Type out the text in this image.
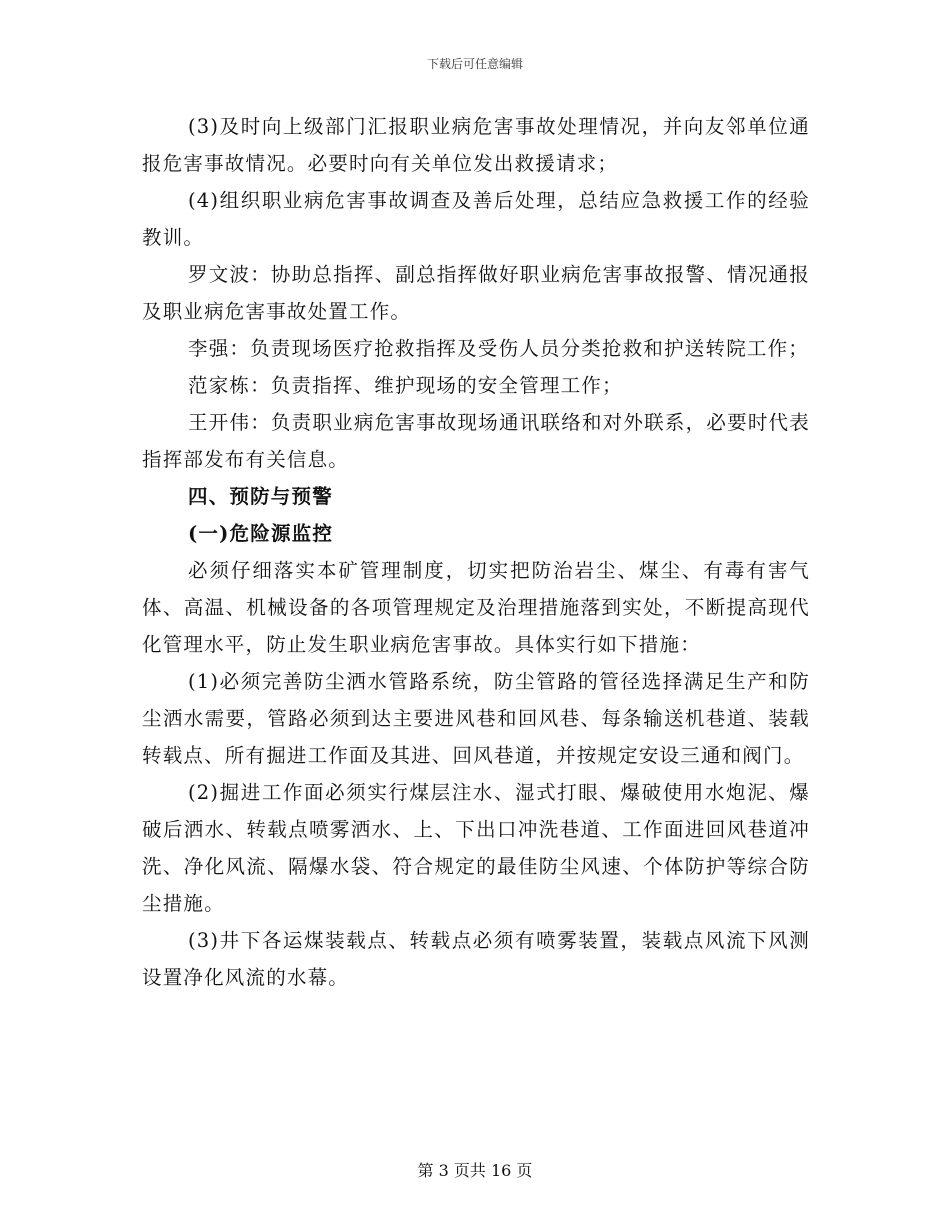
下载后可任意编辑

(3)及时向上级部门汇报职业病危害事故处理情况，并向友邻单位通报危害事故情况。必要时向有关单位发出救援请求；

(4)组织职业病危害事故调查及善后处理，总结应急救援工作的经验教训。

罗文波：协助总指挥、副总指挥做好职业病危害事故报警、情况通报及职业病危害事故处置工作。

李强：负责现场医疗抢救指挥及受伤人员分类抢救和护送转院工作；

范家栋：负责指挥、维护现场的安全管理工作；

王开伟：负责职业病危害事故现场通讯联络和对外联系，必要时代表指挥部发布有关信息。

四、预防与预警

(一)危险源监控

必须仔细落实本矿管理制度，切实把防治岩尘、煤尘、有毒有害气体、高温、机械设备的各项管理规定及治理措施落到实处，不断提高现代化管理水平，防止发生职业病危害事故。具体实行如下措施：

(1)必须完善防尘洒水管路系统，防尘管路的管径选择满足生产和防尘洒水需要，管路必须到达主要进风巷和回风巷、每条输送机巷道、装载转载点、所有掘进工作面及其进、回风巷道，并按规定安设三通和阀门。

(2)掘进工作面必须实行煤层注水、湿式打眼、爆破使用水炮泥、爆破后洒水、转载点喷雾洒水、上、下出口冲洗巷道、工作面进回风巷道冲洗、净化风流、隔爆水袋、符合规定的最佳防尘风速、个体防护等综合防尘措施。

(3)井下各运煤装载点、转载点必须有喷雾装置，装载点风流下风测设置净化风流的水幕。

第 3 页共 16 页
